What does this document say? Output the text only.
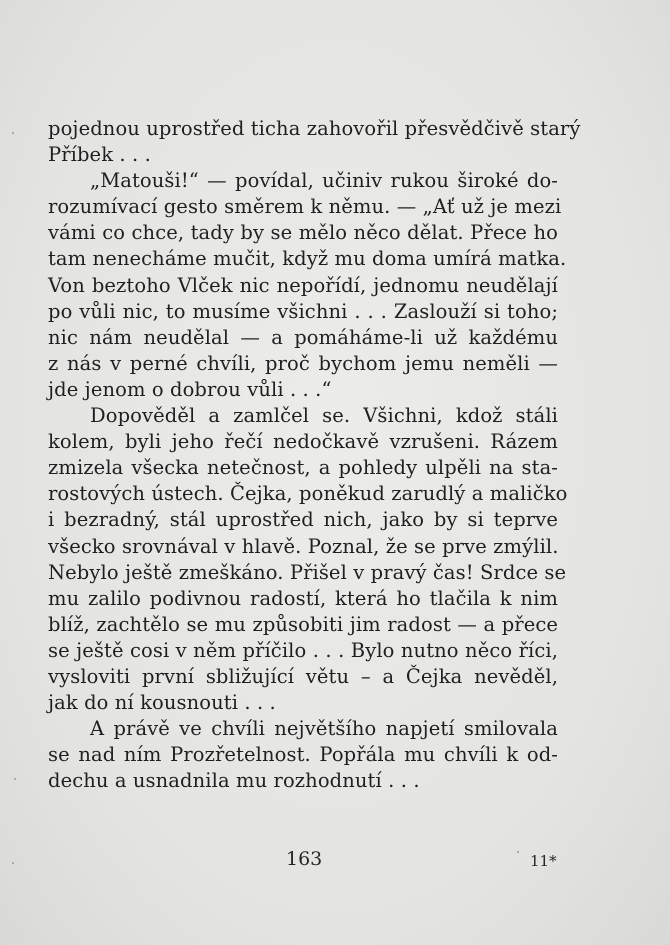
pojednou uprostřed ticha zahovořil přesvědčivě starý
Příbek . . .
„Matouši!“ — povídal, učiniv rukou široké do-
rozumívací gesto směrem k němu. — „Ať už je mezi
vámi co chce, tady by se mělo něco dělat. Přece ho
tam nenecháme mučit, když mu doma umírá matka.
Von beztoho Vlček nic nepořídí, jednomu neudělají
po vůli nic, to musíme všichni . . . Zaslouží si toho;
nic nám neudělal — a pomáháme-li už každému
z nás v perné chvíli, proč bychom jemu neměli —
jde jenom o dobrou vůli . . .“
Dopověděl a zamlčel se. Všichni, kdož stáli
kolem, byli jeho řečí nedočkavě vzrušeni. Rázem
zmizela všecka netečnost, a pohledy ulpěli na sta-
rostových ústech. Čejka, poněkud zarudlý a maličko
i bezradný, stál uprostřed nich, jako by si teprve
všecko srovnával v hlavě. Poznal, že se prve zmýlil.
Nebylo ještě zmeškáno. Přišel v pravý čas! Srdce se
mu zalilo podivnou radostí, která ho tlačila k nim
blíž, zachtělo se mu způsobiti jim radost — a přece
se ještě cosi v něm příčilo . . . Bylo nutno něco říci,
vysloviti první sbližující větu – a Čejka nevěděl,
jak do ní kousnouti . . .
A právě ve chvíli největšího napjetí smilovala
se nad ním Prozřetelnost. Popřála mu chvíli k od-
dechu a usnadnila mu rozhodnutí . . .
163	11*
